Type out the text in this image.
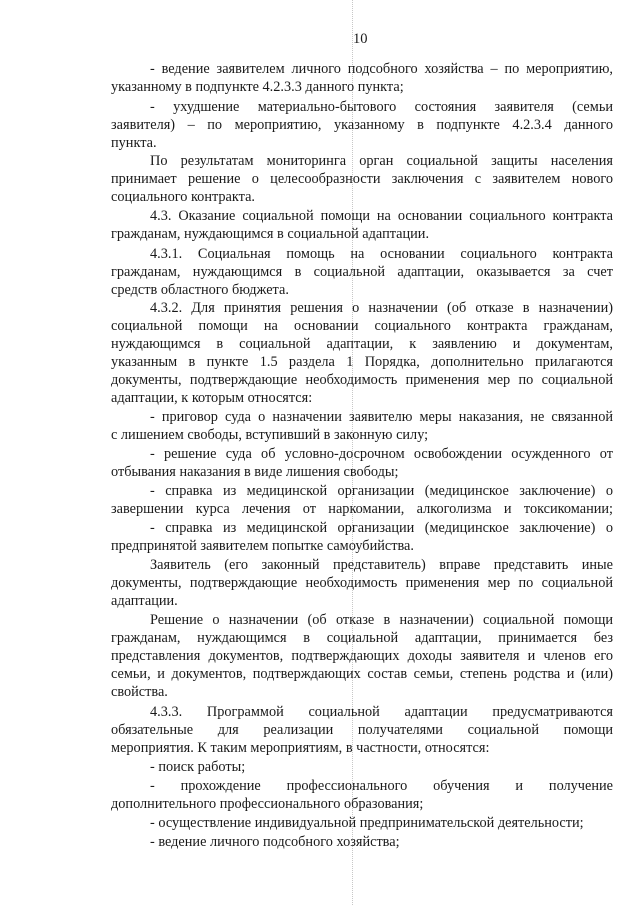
10

- ведение заявителем личного подсобного хозяйства – по мероприятию,

указанному в подпункте 4.2.3.3 данного пункта;

- ухудшение материально-бытового состояния заявителя (семьи

заявителя) – по мероприятию, указанному в подпункте 4.2.3.4 данного

пункта.

По результатам мониторинга орган социальной защиты населения

принимает решение о целесообразности заключения с заявителем нового

социального контракта.

4.3. Оказание социальной помощи на основании социального контракта

гражданам, нуждающимся в социальной адаптации.

4.3.1. Социальная помощь на основании социального контракта

гражданам, нуждающимся в социальной адаптации, оказывается за счет

средств областного бюджета.

4.3.2. Для принятия решения о назначении (об отказе в назначении)

социальной помощи на основании социального контракта гражданам,

нуждающимся в социальной адаптации, к заявлению и документам,

указанным в пункте 1.5 раздела 1 Порядка, дополнительно прилагаются

документы, подтверждающие необходимость применения мер по социальной

адаптации, к которым относятся:

- приговор суда о назначении заявителю меры наказания, не связанной

с лишением свободы, вступивший в законную силу;

- решение суда об условно-досрочном освобождении осужденного от

отбывания наказания в виде лишения свободы;

- справка из медицинской организации (медицинское заключение) о

завершении курса лечения от наркомании, алкоголизма и токсикомании;

- справка из медицинской организации (медицинское заключение) о

предпринятой заявителем попытке самоубийства.

Заявитель (его законный представитель) вправе представить иные

документы, подтверждающие необходимость применения мер по социальной

адаптации.

Решение о назначении (об отказе в назначении) социальной помощи

гражданам, нуждающимся в социальной адаптации, принимается без

представления документов, подтверждающих доходы заявителя и членов его

семьи, и документов, подтверждающих состав семьи, степень родства и (или)

свойства.

4.3.3. Программой социальной адаптации предусматриваются

обязательные для реализации получателями социальной помощи

мероприятия. К таким мероприятиям, в частности, относятся:

- поиск работы;

- прохождение профессионального обучения и получение

дополнительного профессионального образования;

- осуществление индивидуальной предпринимательской деятельности;

- ведение личного подсобного хозяйства;
